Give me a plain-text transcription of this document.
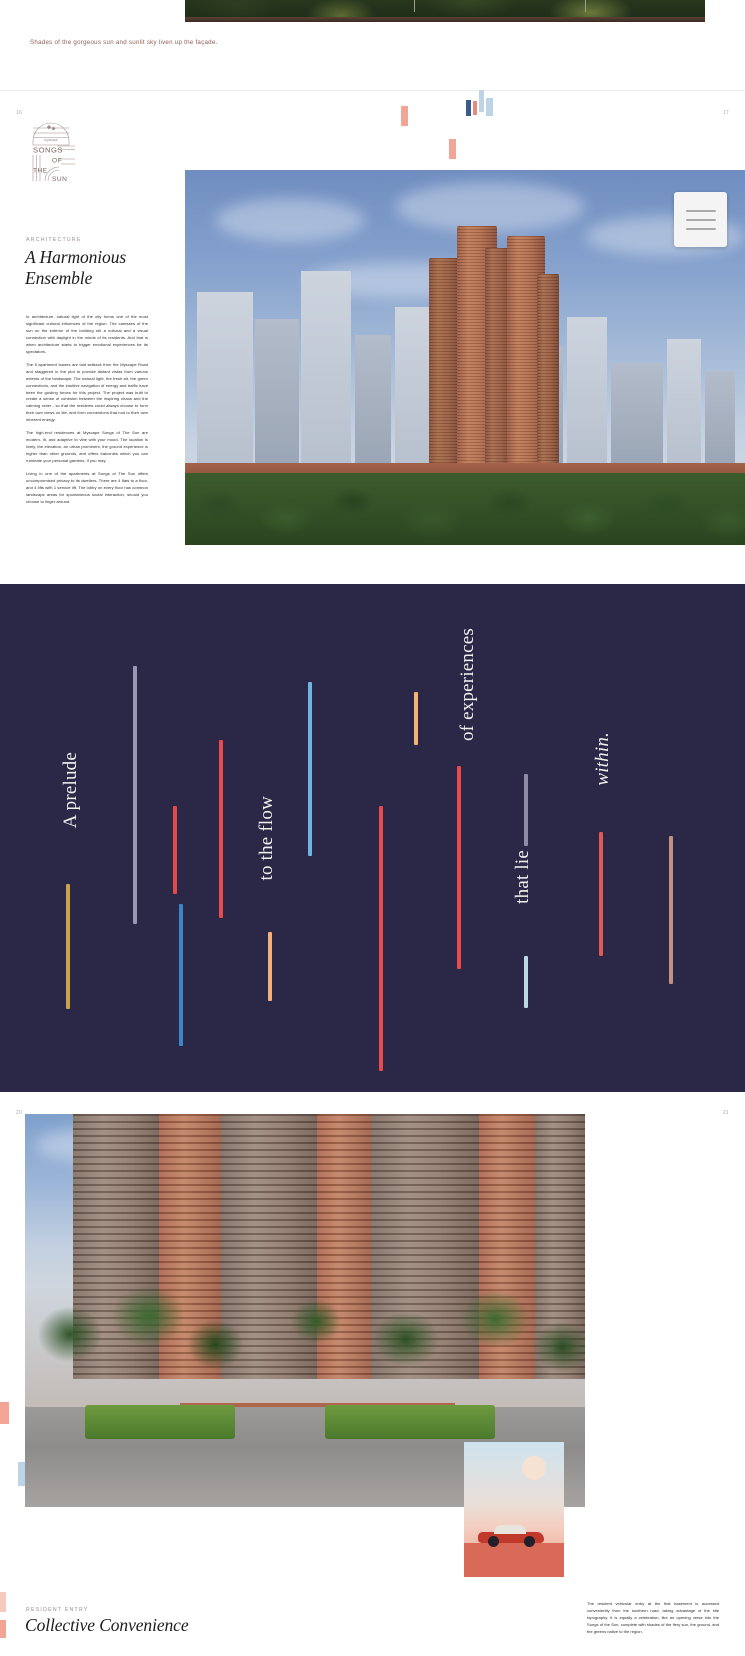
Shades of the gorgeous sun and sunlit sky liven up the façade.
16	17
myscape
SONGS
OF
THE
SUN
ARCHITECTURE
A Harmonious Ensemble

In architecture, natural light of the city forms one of the most significant cultural influences of the region. The caresses of the sun on the exterior of the building stir a cultural and a visual connection with daylight in the minds of its residents. And that is when architecture starts to trigger emotional experiences for its spectators.

The 5 apartment towers are laid setback from the Myscape Road and staggered in the plot to provide distant vistas from various extents of the landscape. The natural light, the fresh air, the green connections, and the intuitive navigation of energy and traffic have been the guiding forces for this project. The project was built to create a sense of cohesion between the inspiring chaos and the calming order - so that the residents could always choose to form their own views on life, and form connections that nod to their own inherent energy.

The high-end residences at Myscape Songs of The Sun are modern, lit, and adaptive to vibe with your mood. The location is lively, the elevation, an urban prominent, the ground experience is higher than other grounds, and offers balconies which you can ruminate your personal gardens, if you may.

Living in one of the apartments at Songs of The Sun offers uncompromised privacy to its dwellers. There are 4 flats to a floor, and 4 lifts with 1 service lift. The lobby on every floor has common landscape areas for spontaneous social interaction, should you choose to linger around.

A prelude
to the flow
of experiences
that lie
within.
20	21
RESIDENT ENTRY
Collective Convenience

The resident vehicular entry at the first basement is accessed conveniently from the southern road, taking advantage of the site topography. It is equally a celebration, like an opening verse into the Songs of the Sun, complete with shades of the fiery sun, the ground, and the greens native to the region.
